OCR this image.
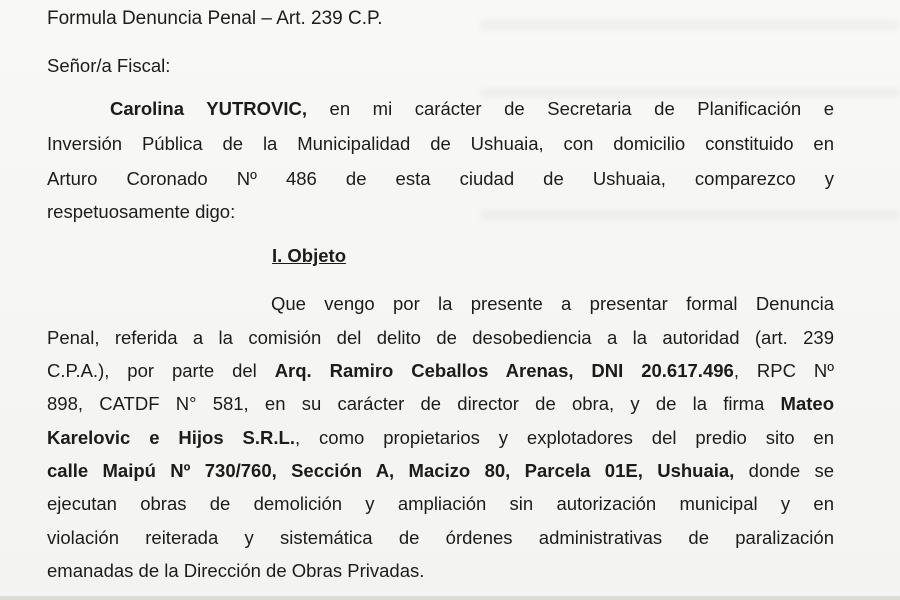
Formula Denuncia Penal – Art. 239 C.P.
Señor/a Fiscal:
Carolina YUTROVIC, en mi carácter de Secretaria de Planificación e
Inversión Pública de la Municipalidad de Ushuaia, con domicilio constituido en
Arturo Coronado Nº 486 de esta ciudad de Ushuaia, comparezco y
respetuosamente digo:
I. Objeto
Que vengo por la presente a presentar formal Denuncia
Penal, referida a la comisión del delito de desobediencia a la autoridad (art. 239
C.P.A.), por parte del Arq. Ramiro Ceballos Arenas, DNI 20.617.496, RPC Nº
898, CATDF N° 581, en su carácter de director de obra, y de la firma Mateo
Karelovic e Hijos S.R.L., como propietarios y explotadores del predio sito en
calle Maipú Nº 730/760, Sección A, Macizo 80, Parcela 01E, Ushuaia, donde se
ejecutan obras de demolición y ampliación sin autorización municipal y en
violación reiterada y sistemática de órdenes administrativas de paralización
emanadas de la Dirección de Obras Privadas.
